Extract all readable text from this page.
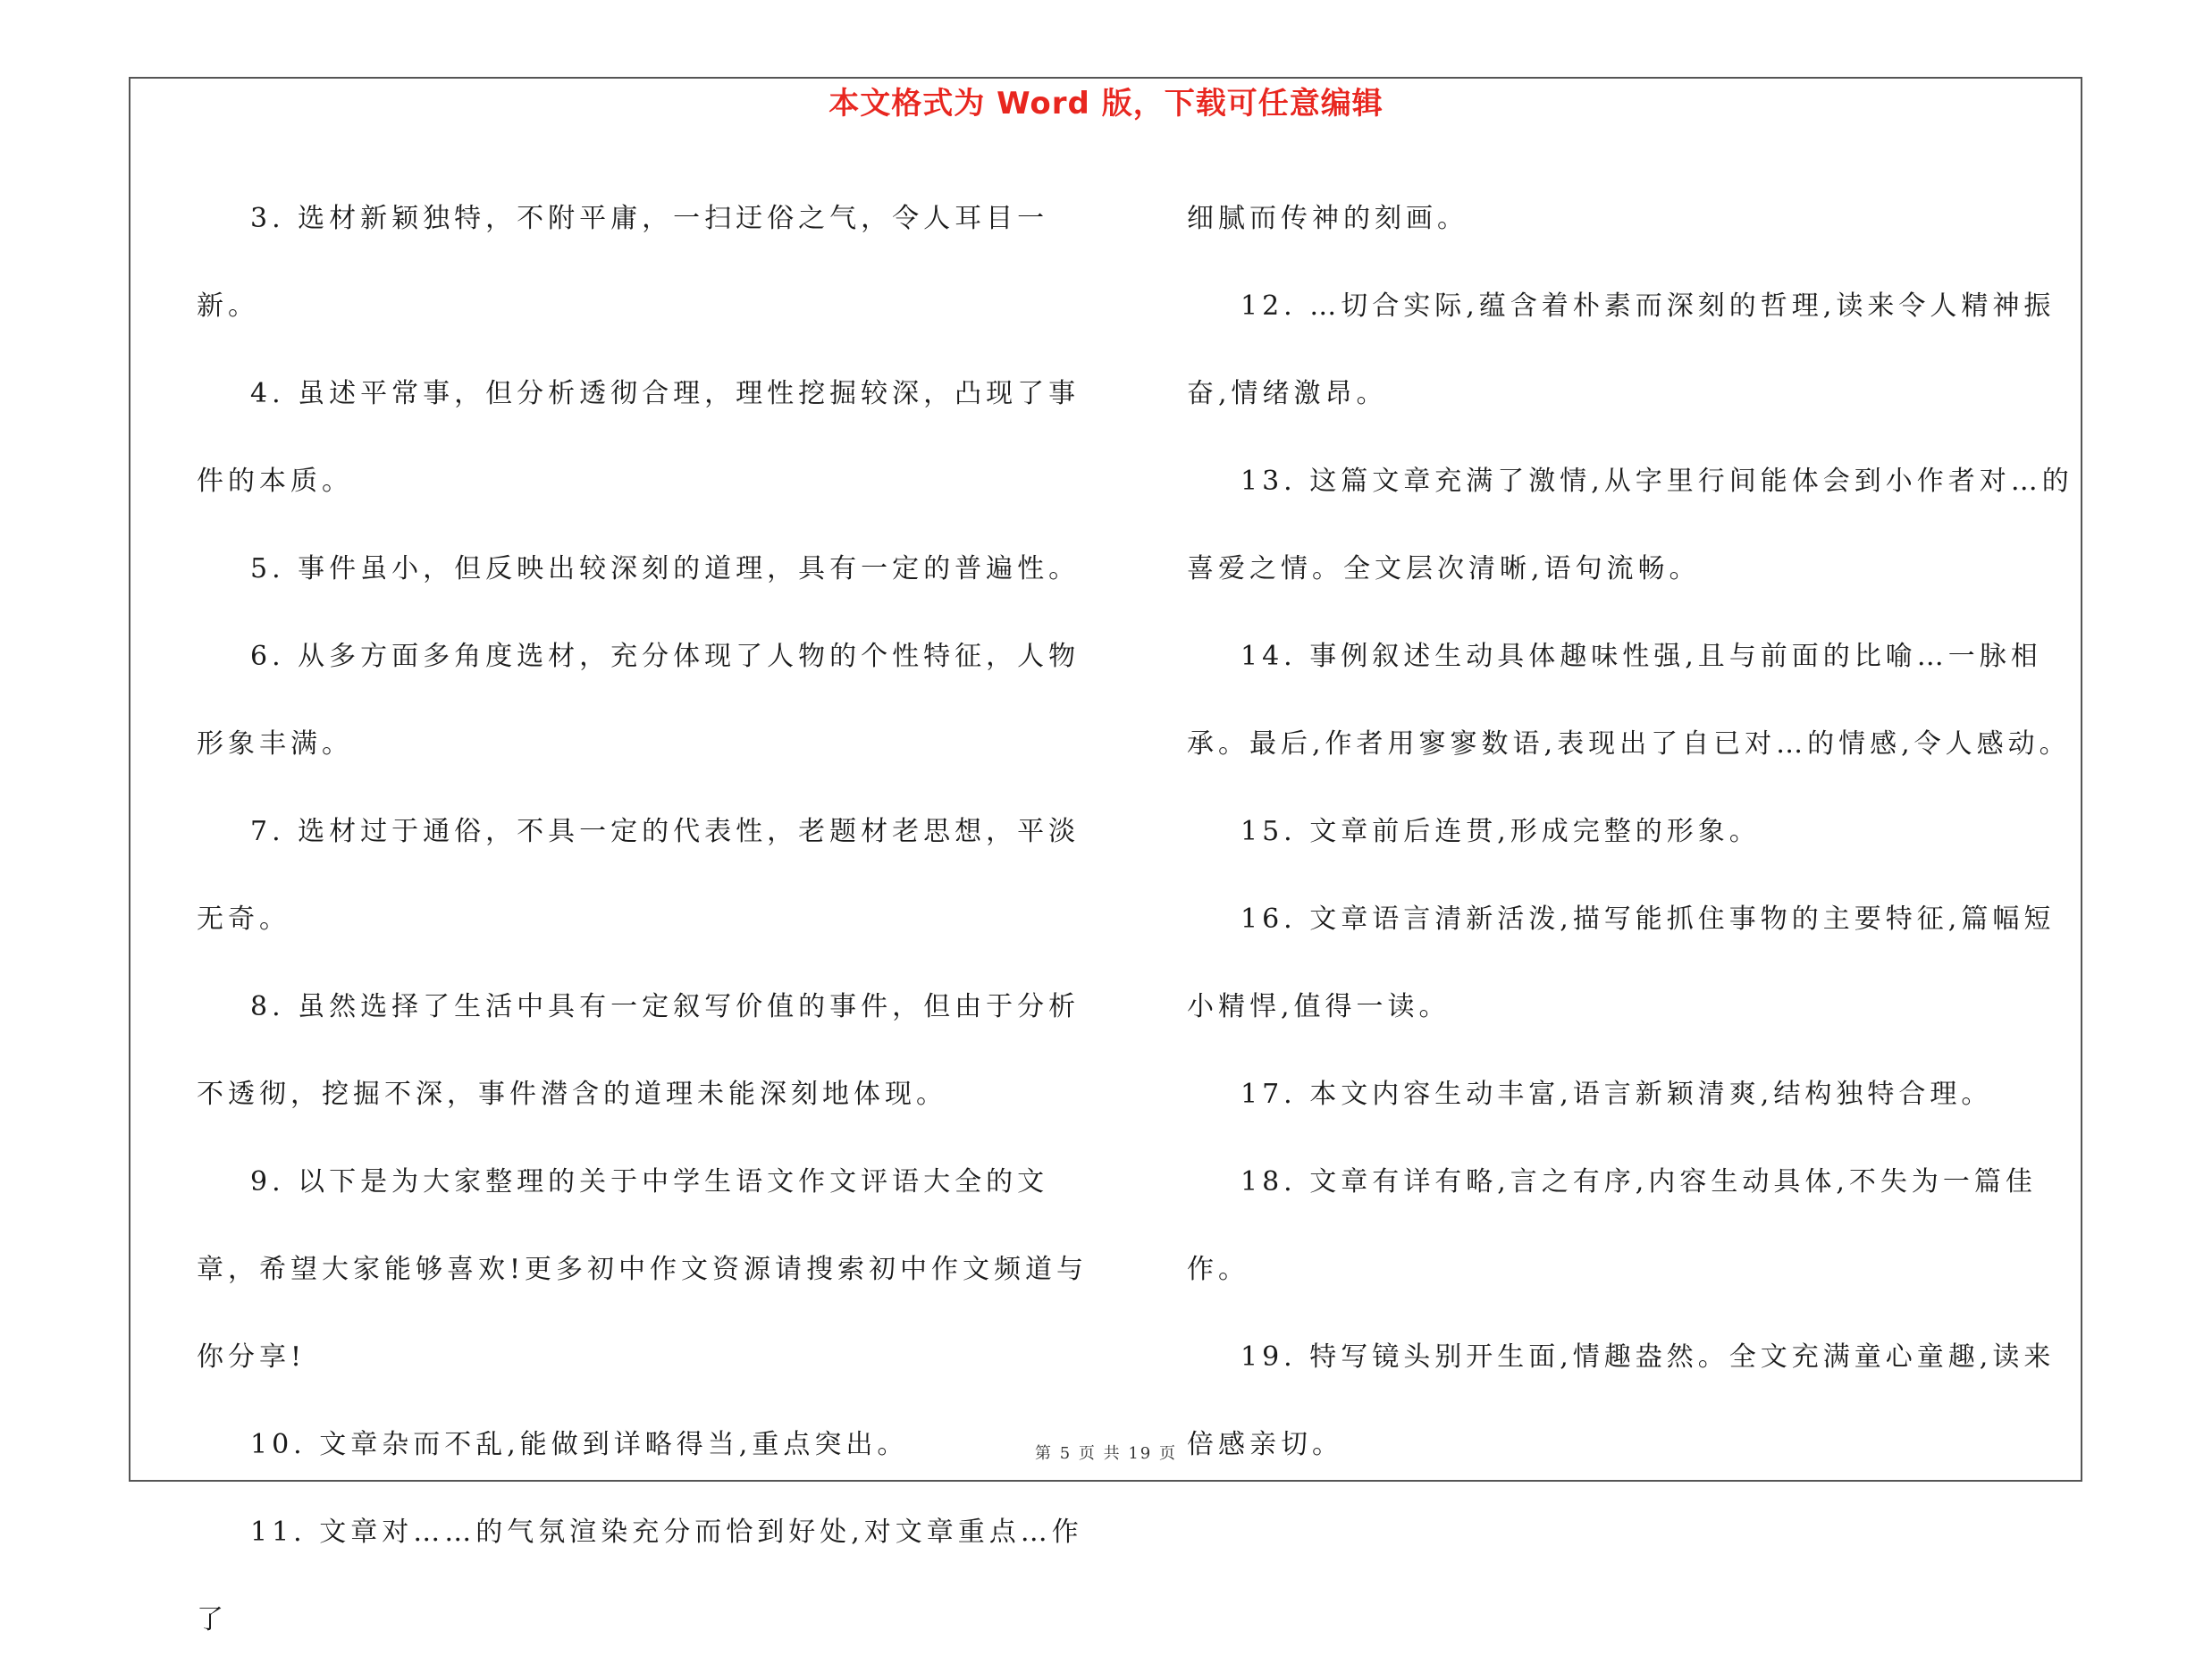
本文格式为 Word 版，下载可任意编辑

3. 选材新颖独特，不附平庸，一扫迂俗之气，令人耳目一新。

4. 虽述平常事，但分析透彻合理，理性挖掘较深，凸现了事件的本质。

5. 事件虽小，但反映出较深刻的道理，具有一定的普遍性。

6. 从多方面多角度选材，充分体现了人物的个性特征，人物形象丰满。

7. 选材过于通俗，不具一定的代表性，老题材老思想，平淡无奇。

8. 虽然选择了生活中具有一定叙写价值的事件，但由于分析不透彻，挖掘不深，事件潜含的道理未能深刻地体现。

9. 以下是为大家整理的关于中学生语文作文评语大全的文章，希望大家能够喜欢!更多初中作文资源请搜索初中作文频道与你分享!

10. 文章杂而不乱,能做到详略得当,重点突出。

11. 文章对……的气氛渲染充分而恰到好处,对文章重点…作了

细腻而传神的刻画。

12. …切合实际,蕴含着朴素而深刻的哲理,读来令人精神振奋,情绪激昂。

13. 这篇文章充满了激情,从字里行间能体会到小作者对…的喜爱之情。全文层次清晰,语句流畅。

14. 事例叙述生动具体趣味性强,且与前面的比喻…一脉相承。最后,作者用寥寥数语,表现出了自已对…的情感,令人感动。

15. 文章前后连贯,形成完整的形象。

16. 文章语言清新活泼,描写能抓住事物的主要特征,篇幅短小精悍,值得一读。

17. 本文内容生动丰富,语言新颖清爽,结构独特合理。

18. 文章有详有略,言之有序,内容生动具体,不失为一篇佳作。

19. 特写镜头别开生面,情趣盎然。全文充满童心童趣,读来倍感亲切。

第 5 页 共 19 页
